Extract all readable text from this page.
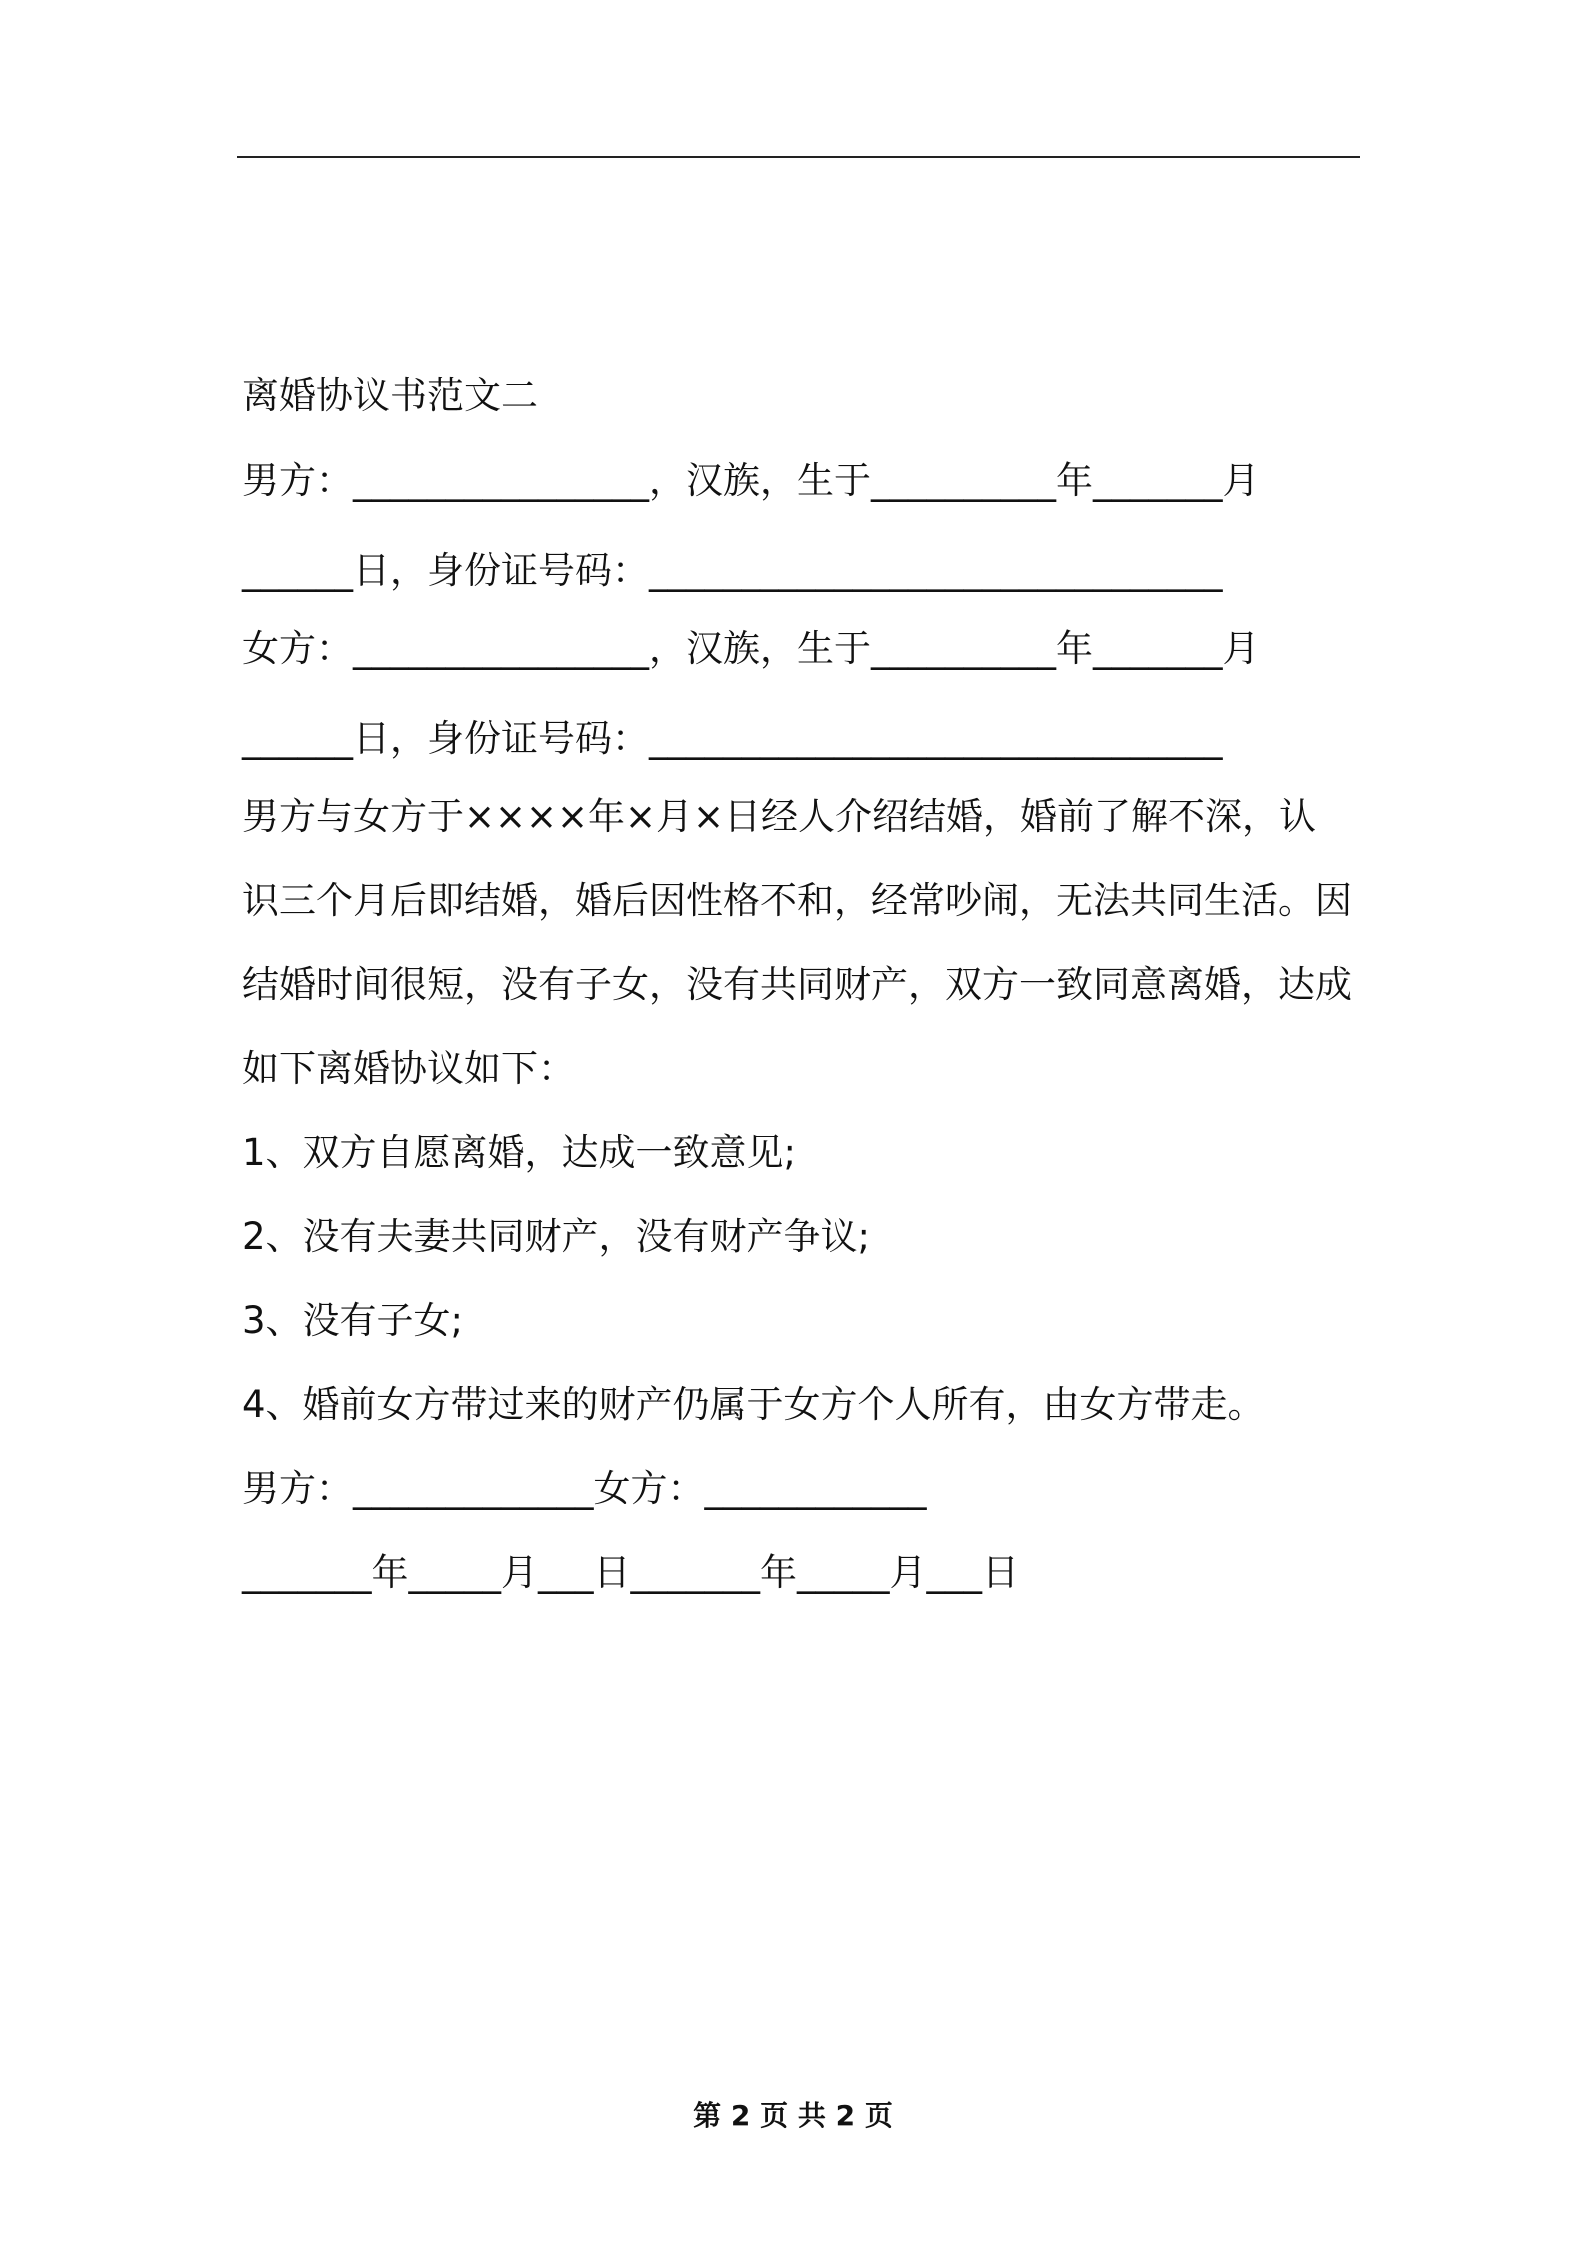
离婚协议书范文二
男方：________________，汉族，生于__________年_______月
______日，身份证号码：_______________________________
女方：________________，汉族，生于__________年_______月
______日，身份证号码：_______________________________
男方与女方于××××年×月×日经人介绍结婚，婚前了解不深，认
识三个月后即结婚，婚后因性格不和，经常吵闹，无法共同生活。因
结婚时间很短，没有子女，没有共同财产，双方一致同意离婚，达成
如下离婚协议如下：
1、双方自愿离婚，达成一致意见;
2、没有夫妻共同财产，没有财产争议;
3、没有子女;
4、婚前女方带过来的财产仍属于女方个人所有，由女方带走。
男方：_____________女方：____________
_______年_____月___日_______年_____月___日
第 2 页 共 2 页
